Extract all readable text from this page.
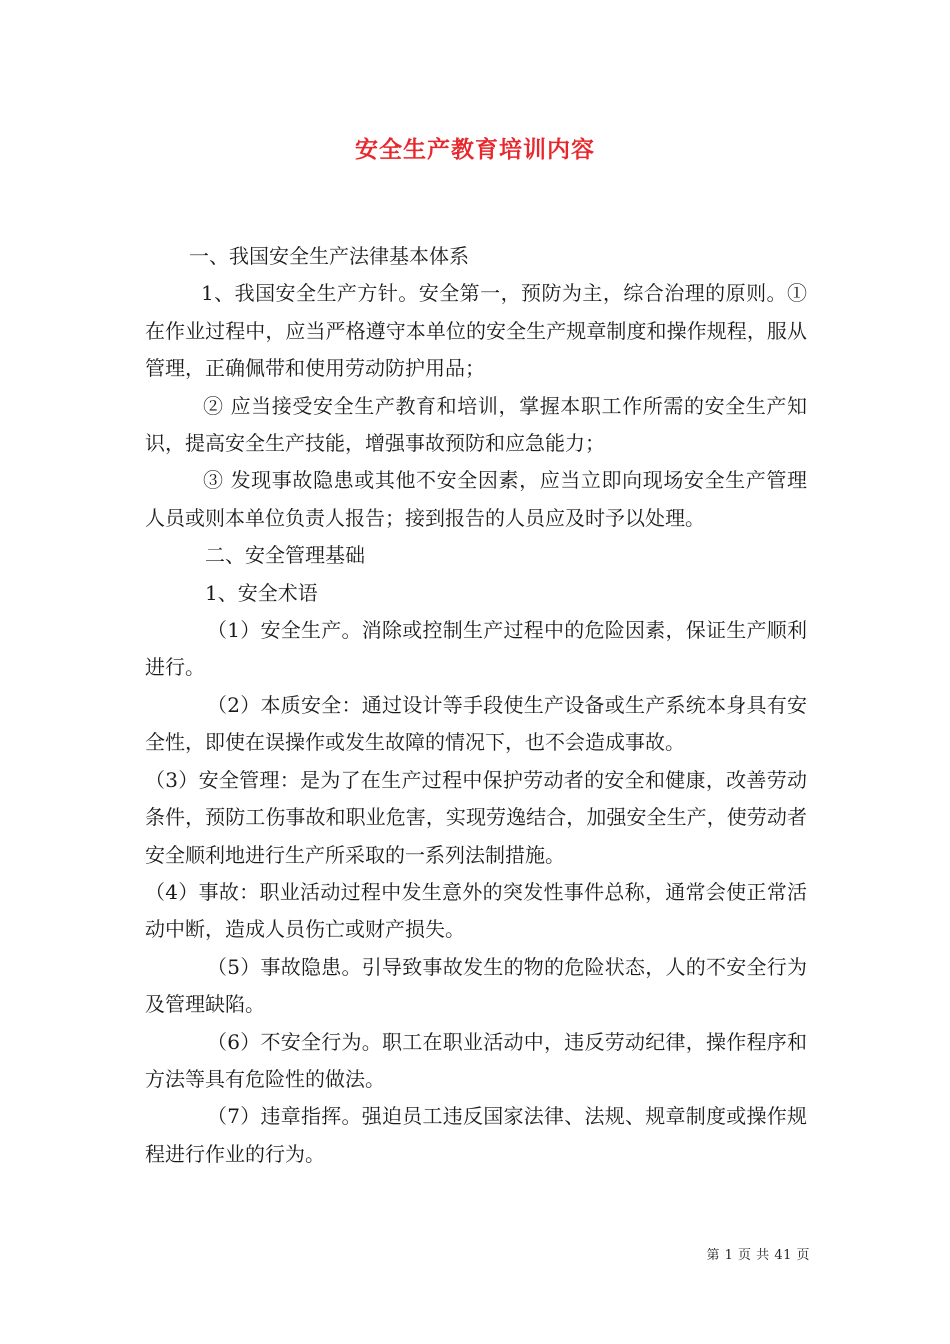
安全生产教育培训内容

一、我国安全生产法律基本体系

1、我国安全生产方针。安全第一，预防为主，综合治理的原则。①在作业过程中，应当严格遵守本单位的安全生产规章制度和操作规程，服从管理，正确佩带和使用劳动防护用品；

② 应当接受安全生产教育和培训，掌握本职工作所需的安全生产知识，提高安全生产技能，增强事故预防和应急能力；

③ 发现事故隐患或其他不安全因素，应当立即向现场安全生产管理人员或则本单位负责人报告；接到报告的人员应及时予以处理。

二、安全管理基础

1、安全术语

（1）安全生产。消除或控制生产过程中的危险因素，保证生产顺利进行。

（2）本质安全：通过设计等手段使生产设备或生产系统本身具有安全性，即使在误操作或发生故障的情况下，也不会造成事故。

（3）安全管理：是为了在生产过程中保护劳动者的安全和健康，改善劳动条件，预防工伤事故和职业危害，实现劳逸结合，加强安全生产，使劳动者安全顺利地进行生产所采取的一系列法制措施。

（4）事故：职业活动过程中发生意外的突发性事件总称，通常会使正常活动中断，造成人员伤亡或财产损失。

（5）事故隐患。引导致事故发生的物的危险状态，人的不安全行为及管理缺陷。

（6）不安全行为。职工在职业活动中，违反劳动纪律，操作程序和方法等具有危险性的做法。

（7）违章指挥。强迫员工违反国家法律、法规、规章制度或操作规程进行作业的行为。

第 1 页 共 41 页
